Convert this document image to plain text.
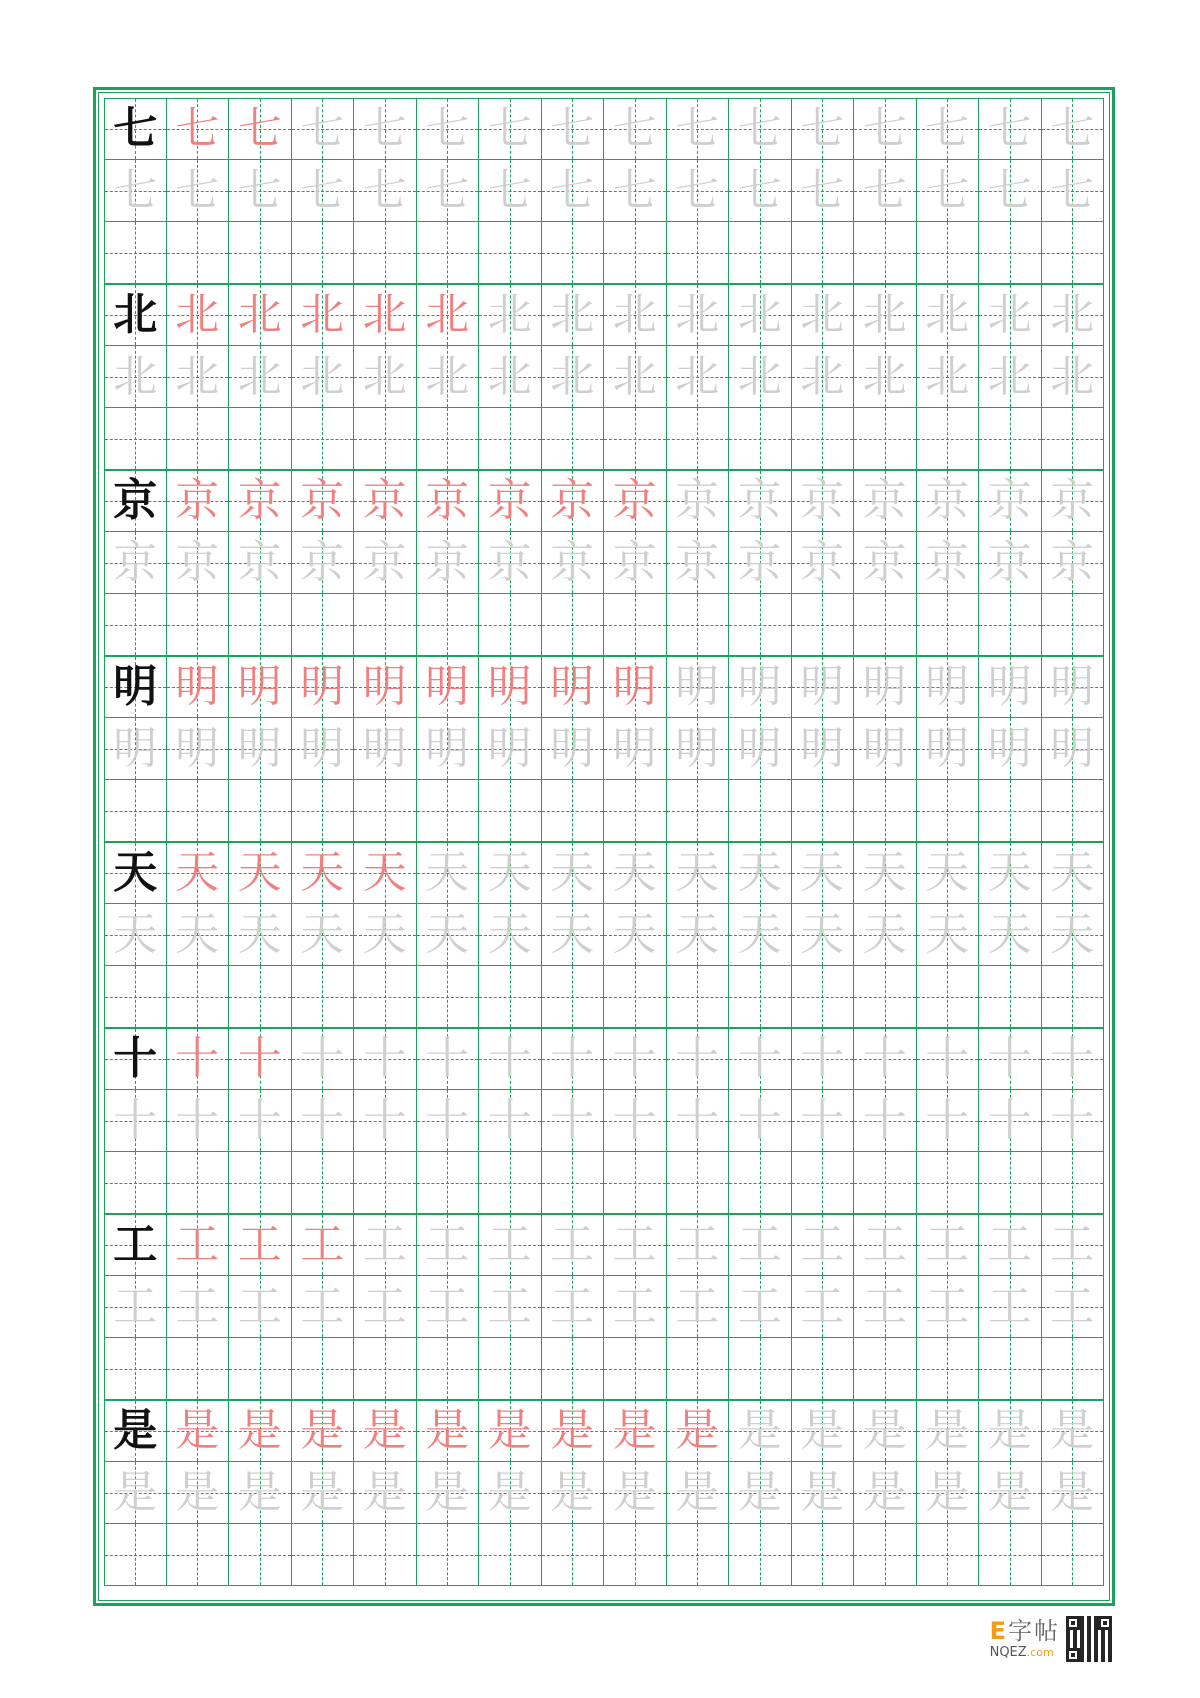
七 七 七 七 七 七 七 七 七 七 七 七 七 七 七 七
七 七 七 七 七 七 七 七 七 七 七 七 七 七 七 七
北 北 北 北 北 北 北 北 北 北 北 北 北 北 北 北
北 北 北 北 北 北 北 北 北 北 北 北 北 北 北 北
京 京 京 京 京 京 京 京 京 京 京 京 京 京 京 京
京 京 京 京 京 京 京 京 京 京 京 京 京 京 京 京
明 明 明 明 明 明 明 明 明 明 明 明 明 明 明 明
明 明 明 明 明 明 明 明 明 明 明 明 明 明 明 明
天 天 天 天 天 天 天 天 天 天 天 天 天 天 天 天
天 天 天 天 天 天 天 天 天 天 天 天 天 天 天 天
十 十 十 十 十 十 十 十 十 十 十 十 十 十 十 十
十 十 十 十 十 十 十 十 十 十 十 十 十 十 十 十
工 工 工 工 工 工 工 工 工 工 工 工 工 工 工 工
工 工 工 工 工 工 工 工 工 工 工 工 工 工 工 工
是 是 是 是 是 是 是 是 是 是 是 是 是 是 是 是
是 是 是 是 是 是 是 是 是 是 是 是 是 是 是 是
E字帖
NQEZ.com
